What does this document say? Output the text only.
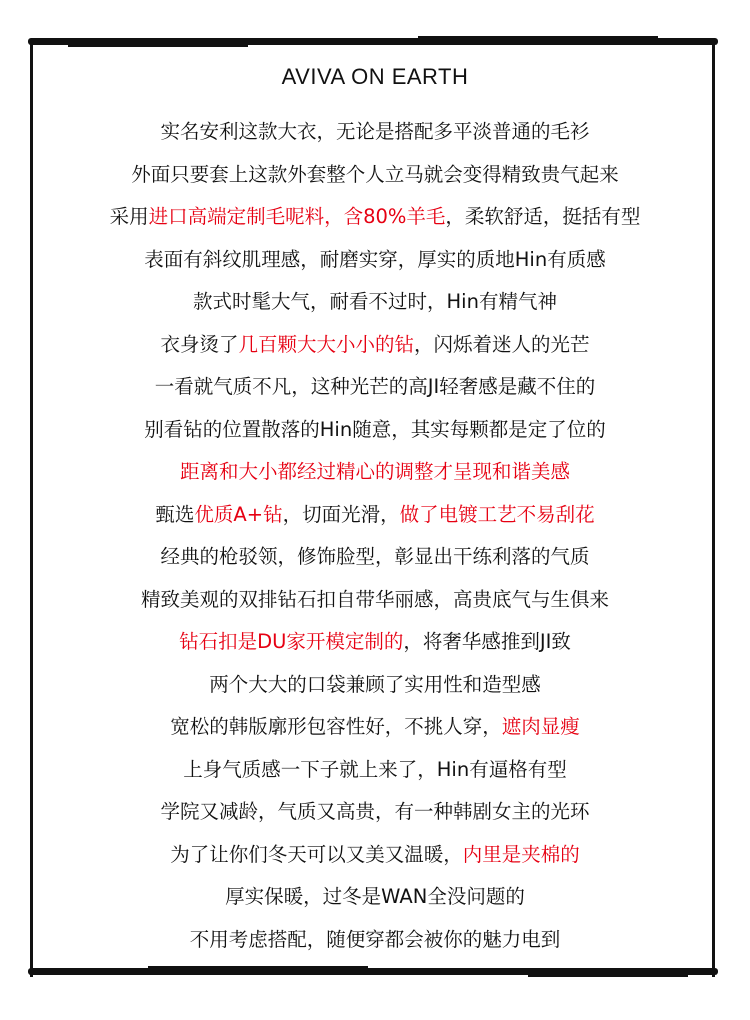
AVIVA ON EARTH
实名安利这款大衣，无论是搭配多平淡普通的毛衫
外面只要套上这款外套整个人立马就会变得精致贵气起来
采用进口高端定制毛呢料，含80%羊毛，柔软舒适，挺括有型
表面有斜纹肌理感，耐磨实穿，厚实的质地Hin有质感
款式时髦大气，耐看不过时，Hin有精气神
衣身烫了几百颗大大小小的钻，闪烁着迷人的光芒
一看就气质不凡，这种光芒的高JI轻奢感是藏不住的
别看钻的位置散落的Hin随意，其实每颗都是定了位的
距离和大小都经过精心的调整才呈现和谐美感
甄选优质A+钻，切面光滑，做了电镀工艺不易刮花
经典的枪驳领，修饰脸型，彰显出干练利落的气质
精致美观的双排钻石扣自带华丽感，高贵底气与生俱来
钻石扣是DU家开模定制的，将奢华感推到JI致
两个大大的口袋兼顾了实用性和造型感
宽松的韩版廓形包容性好，不挑人穿，遮肉显瘦
上身气质感一下子就上来了，Hin有逼格有型
学院又减龄，气质又高贵，有一种韩剧女主的光环
为了让你们冬天可以又美又温暖，内里是夹棉的
厚实保暖，过冬是WAN全没问题的
不用考虑搭配，随便穿都会被你的魅力电到
